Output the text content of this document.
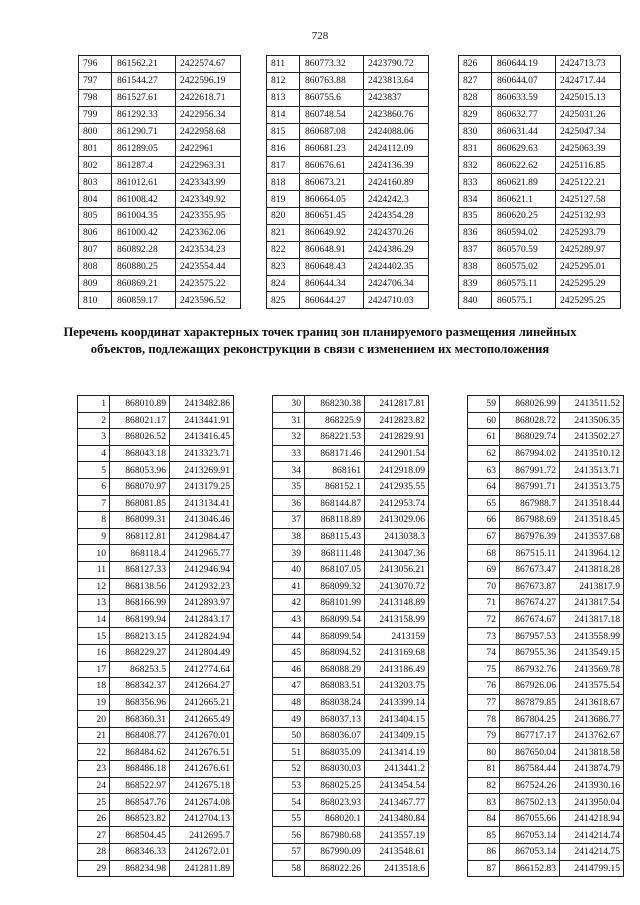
728
796	861562.21	2422574.67
797	861544.27	2422596.19
798	861527.61	2422618.71
799	861292.33	2422956.34
800	861290.71	2422958.68
801	861289.05	2422961
802	861287.4	2422963.31
803	861012.61	2423343.99
804	861008.42	2423349.92
805	861004.35	2423355.95
806	861000.42	2423362.06
807	860892.28	2423534.23
808	860880.25	2423554.44
809	860869.21	2423575.22
810	860859.17	2423596.52
811	860773.32	2423790.72
812	860763.88	2423813.64
813	860755.6	2423837
814	860748.54	2423860.76
815	860687.08	2424088.06
816	860681.23	2424112.09
817	860676.61	2424136.39
818	860673.21	2424160.89
819	860664.05	2424242.3
820	860651.45	2424354.28
821	860649.92	2424370.26
822	860648.91	2424386.29
823	860648.43	2424402.35
824	860644.34	2424706.34
825	860644.27	2424710.03
826	860644.19	2424713.73
827	860644.07	2424717.44
828	860633.59	2425015.13
829	860632.77	2425031.26
830	860631.44	2425047.34
831	860629.63	2425063.39
832	860622.62	2425116.85
833	860621.89	2425122.21
834	860621.1	2425127.58
835	860620.25	2425132.93
836	860594.02	2425293.79
837	860570.59	2425289.97
838	860575.02	2425295.01
839	860575.11	2425295.29
840	860575.1	2425295.25
Перечень координат характерных точек границ зон планируемого размещения линейных объектов, подлежащих реконструкции в связи с изменением их местоположения
1	868010.89	2413482.86
2	868021.17	2413441.91
3	868026.52	2413416.45
4	868043.18	2413323.71
5	868053.96	2413269.91
6	868070.97	2413179.25
7	868081.85	2413134.41
8	868099.31	2413046.46
9	868112.81	2412984.47
10	868118.4	2412965.77
11	868127.33	2412946.94
12	868138.56	2412932.23
13	868166.99	2412893.97
14	868199.94	2412843.17
15	868213.15	2412824.94
16	868229.27	2412804.49
17	868253.5	2412774.64
18	868342.37	2412664.27
19	868356.96	2412665.21
20	868360.31	2412665.49
21	868408.77	2412670.01
22	868484.62	2412676.51
23	868486.18	2412676.61
24	868522.97	2412675.18
25	868547.76	2412674.08
26	868523.82	2412704.13
27	868504.45	2412695.7
28	868346.33	2412672.01
29	868234.98	2412811.89
30	868230.38	2412817.81
31	868225.9	2412823.82
32	868221.53	2412829.91
33	868171.46	2412901.54
34	868161	2412918.09
35	868152.1	2412935.55
36	868144.87	2412953.74
37	868118.89	2413029.06
38	868115.43	2413038.3
39	868111.48	2413047.36
40	868107.05	2413056.21
41	868099.32	2413070.72
42	868101.99	2413148.89
43	868099.54	2413158.99
44	868099.54	2413159
45	868094.52	2413169.68
46	868088.29	2413186.49
47	868083.51	2413203.75
48	868038.24	2413399.14
49	868037.13	2413404.15
50	868036.07	2413409.15
51	868035.09	2413414.19
52	868030.03	2413441.2
53	868025.25	2413454.54
54	868023.93	2413467.77
55	868020.1	2413480.84
56	867980.68	2413557.19
57	867990.09	2413548.61
58	868022.26	2413518.6
59	868026.99	2413511.52
60	868028.72	2413506.35
61	868029.74	2413502.27
62	867994.02	2413510.12
63	867991.72	2413513.71
64	867991.71	2413513.75
65	867988.7	2413518.44
66	867988.69	2413518.45
67	867976.39	2413537.68
68	867515.11	2413964.12
69	867673.47	2413818.28
70	867673.87	2413817.9
71	867674.27	2413817.54
72	867674.67	2413817.18
73	867957.53	2413558.99
74	867955.36	2413549.15
75	867932.76	2413569.78
76	867926.06	2413575.54
77	867879.85	2413618.67
78	867804.25	2413686.77
79	867717.17	2413762.67
80	867650.04	2413818.58
81	867584.44	2413874.79
82	867524.26	2413930.16
83	867502.13	2413950.04
84	867055.66	2414218.94
85	867053.14	2414214.74
86	867053.14	2414214.75
87	866152.83	2414799.15
